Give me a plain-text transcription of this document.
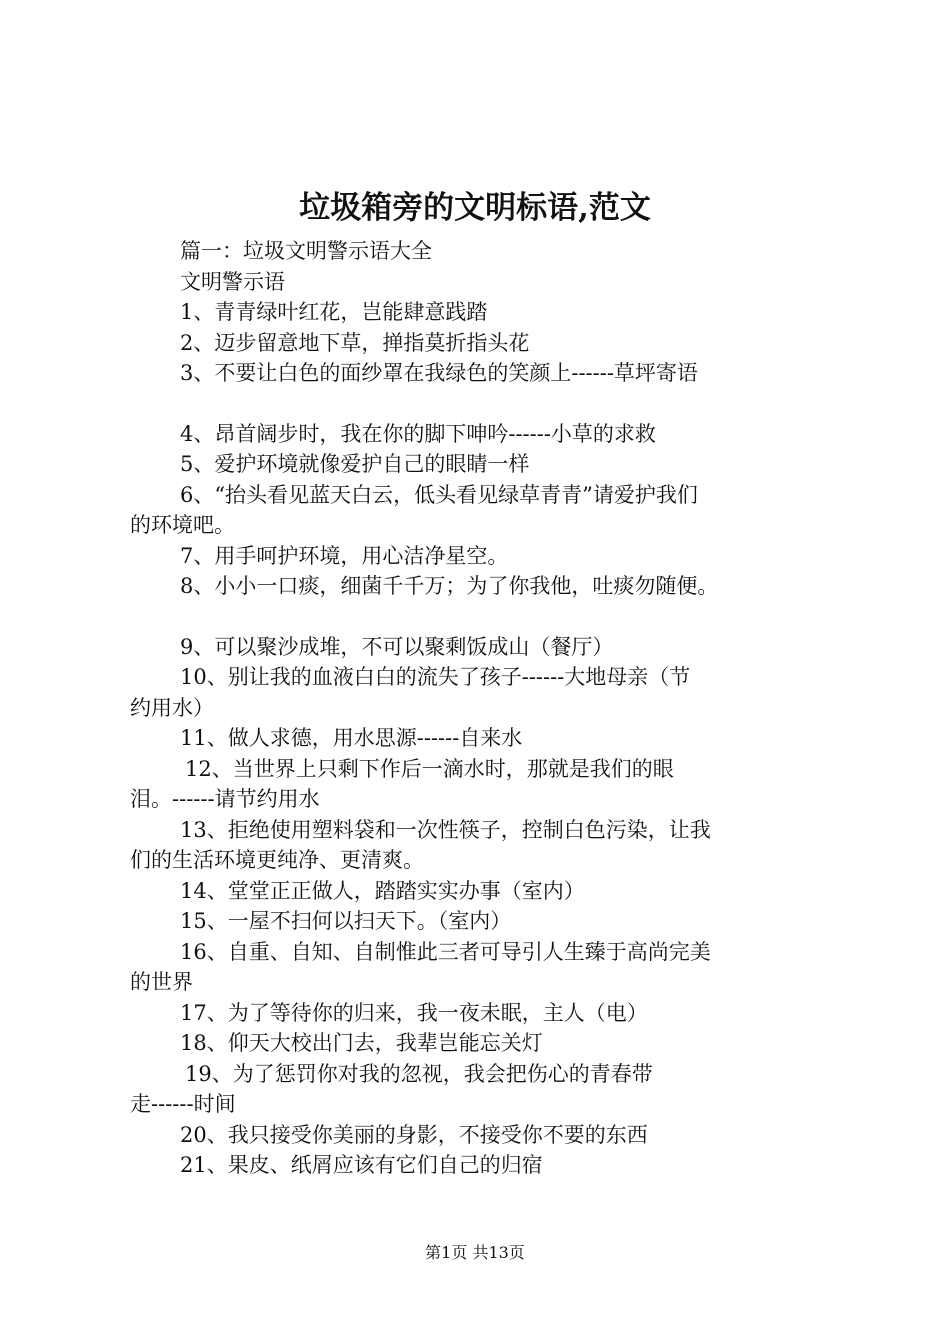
垃圾箱旁的文明标语,范文
篇一：垃圾文明警示语大全
文明警示语
1、青青绿叶红花，岂能肆意践踏
2、迈步留意地下草，掸指莫折指头花
3、不要让白色的面纱罩在我绿色的笑颜上------草坪寄语
4、昂首阔步时，我在你的脚下呻吟------小草的求救
5、爱护环境就像爱护自己的眼睛一样
6、“抬头看见蓝天白云，低头看见绿草青青”请爱护我们
的环境吧。
7、用手呵护环境，用心洁净星空。
8、小小一口痰，细菌千千万；为了你我他，吐痰勿随便。
9、可以聚沙成堆，不可以聚剩饭成山（餐厅）
10、别让我的血液白白的流失了孩子------大地母亲（节
约用水）
11、做人求德，用水思源------自来水
12、当世界上只剩下作后一滴水时，那就是我们的眼
泪。------请节约用水
13、拒绝使用塑料袋和一次性筷子，控制白色污染，让我
们的生活环境更纯净、更清爽。
14、堂堂正正做人，踏踏实实办事（室内）
15、一屋不扫何以扫天下。（室内）
16、自重、自知、自制惟此三者可导引人生臻于高尚完美
的世界
17、为了等待你的归来，我一夜未眠，主人（电）
18、仰天大校出门去，我辈岂能忘关灯
19、为了惩罚你对我的忽视，我会把伤心的青春带
走------时间
20、我只接受你美丽的身影，不接受你不要的东西
21、果皮、纸屑应该有它们自己的归宿
第1页 共13页
